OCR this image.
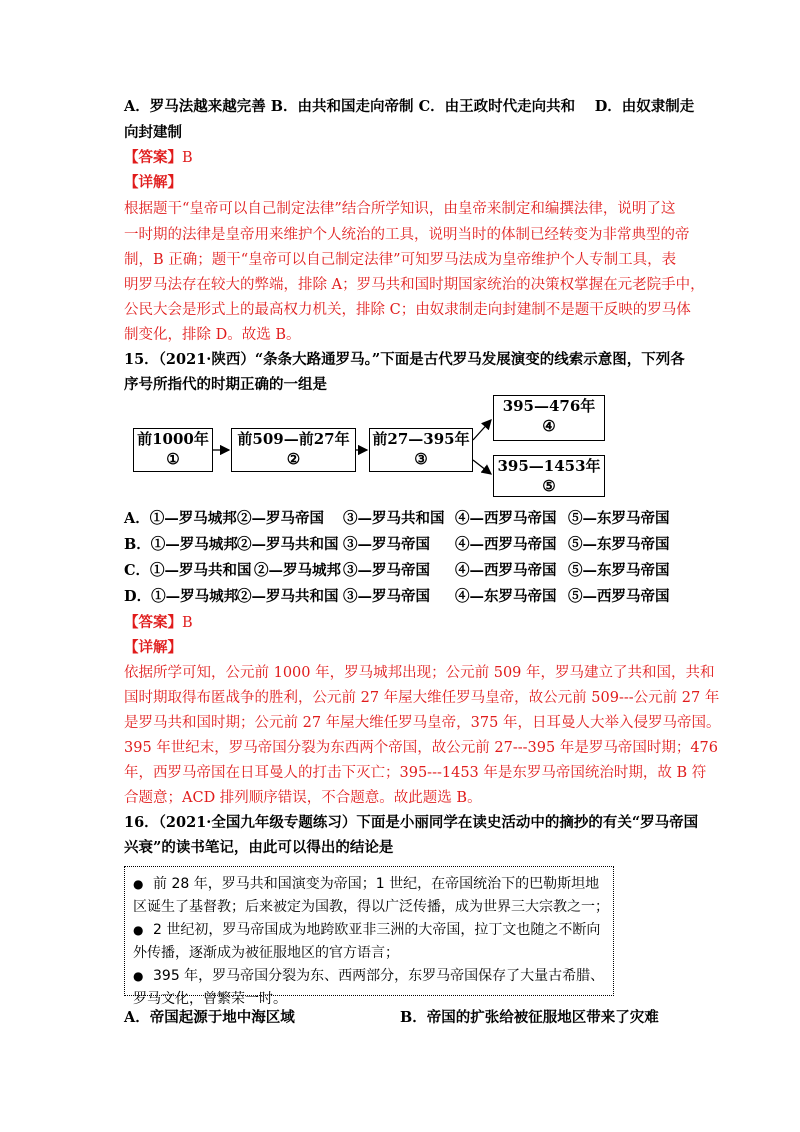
A．罗马法越来越完善 B．由共和国走向帝制 C．由王政时代走向共和　 D．由奴隶制走
向封建制
【答案】B
【详解】
根据题干“皇帝可以自己制定法律”结合所学知识，由皇帝来制定和编撰法律，说明了这
一时期的法律是皇帝用来维护个人统治的工具，说明当时的体制已经转变为非常典型的帝
制，B 正确；题干“皇帝可以自己制定法律”可知罗马法成为皇帝维护个人专制工具，表
明罗马法存在较大的弊端，排除 A；罗马共和国时期国家统治的决策权掌握在元老院手中，
公民大会是形式上的最高权力机关，排除 C；由奴隶制走向封建制不是题干反映的罗马体
制变化，排除 D。故选 B。
15．（2021·陕西）“条条大路通罗马。”下面是古代罗马发展演变的线索示意图，下列各
序号所指代的时期正确的一组是
前1000年
①
前509—前27年
②
前27—395年
③
395—476年
④
395—1453年
⑤
A．①—罗马城邦 ②—罗马帝国 ③—罗马共和国 ④—西罗马帝国 ⑤—东罗马帝国
B．①—罗马城邦 ②—罗马共和国 ③—罗马帝国 ④—西罗马帝国 ⑤—东罗马帝国
C．①—罗马共和国 ②—罗马城邦 ③—罗马帝国 ④—西罗马帝国 ⑤—东罗马帝国
D．①—罗马城邦
②—罗马共和国 ③—罗马帝国 ④—东罗马帝国 ⑤—西罗马帝国
【答案】B
【详解】
依据所学可知，公元前 1000 年，罗马城邦出现；公元前 509 年，罗马建立了共和国，共和
国时期取得布匿战争的胜利，公元前 27 年屋大维任罗马皇帝，故公元前 509---公元前 27 年
是罗马共和国时期；公元前 27 年屋大维任罗马皇帝，375 年，日耳曼人大举入侵罗马帝国。
395 年世纪末，罗马帝国分裂为东西两个帝国，故公元前 27---395 年是罗马帝国时期；476
年，西罗马帝国在日耳曼人的打击下灭亡；395---1453 年是东罗马帝国统治时期，故 B 符
合题意；ACD 排列顺序错误，不合题意。故此题选 B。
16．（2021·全国九年级专题练习）下面是小丽同学在读史活动中的摘抄的有关“罗马帝国
兴衰”的读书笔记，由此可以得出的结论是
● 前 28 年，罗马共和国演变为帝国；1 世纪，在帝国统治下的巴勒斯坦地
区诞生了基督教；后来被定为国教，得以广泛传播，成为世界三大宗教之一；
● 2 世纪初，罗马帝国成为地跨欧亚非三洲的大帝国，拉丁文也随之不断向
外传播，逐渐成为被征服地区的官方语言；
● 395 年，罗马帝国分裂为东、西两部分，东罗马帝国保存了大量古希腊、
罗马文化，曾繁荣一时。
A．帝国起源于地中海区域	B．帝国的扩张给被征服地区带来了灾难
